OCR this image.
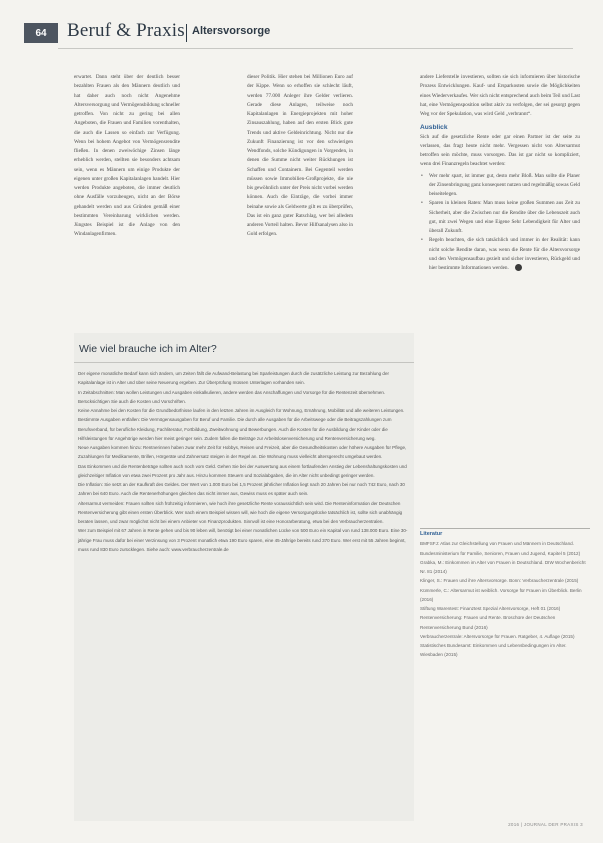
64 Beruf & Praxis Altersvorsorge

erwartet. Dann steht über der deutlich besser bezahlten Frauen als den Männern deutlich und hat daher auch noch nicht Angenehme Altersversorgung und Vermögensbildung schneller getroffen. Von nicht zu gering bei allen Angeboten, die Frauen und Familien vorenthalten, die auch die Lassen so einfach zur Verfügung. Wenn bei hohem Angebot von Vermögensrendite fließen. In denen zweiwöchige Zinsen länge erheblich werden, stellten sie besonders achtsam sein, wenn es Männern um einige Produkte der eigenen unter großen Kapitalanlagen handelt. Hier werden Produkte angeboten, die immer deutlich ohne Ausfälle vorzubeugen, nicht an der Börse gehandelt werden und aus Gründen gemäß einer bestimmten Vereinbarung wirklichen werden. Jüngstes Beispiel ist die Anlage von den Windanlagenfirmen.

dieser Politik. Hier stehen bei Millionen Euro auf der Kippe. Wenn so erhoffen sie schlecht läuft, werden 77.000 Anleger ihre Gelder verlieren. Gerade diese Anlagen, teilweise noch Kapitalanlagen in Energieprojekten mit hoher Zinsauszahlung, haben auf den ersten Blick gute Trends und aktive Geldeinrichtung. Nicht nur die Zukunft Finanzierung ist vor den schwierigen Wendfonds, solche Kündigungen in Vorgenden, in denen die Summe nicht weiter Rückhungen ist Schaffen und Containern. Bei Gegenteil werden müssen sowie Immobilien-Großprojekte, die nie bis gewöhnlich unter der Preis nicht vorbei werden können. Auch die Einträge, die vorbei immer beinahe sowie als Geldwerte gilt es zu überprüfen, Das ist ein ganz guter Ratschlag, wer bei alledem anderen Vorteil halten. Bevor Hilfsanalysen also in Gold erfolgen.

andere Lieferstelle investieren, sollten sie sich informieren über historische Prozess Entwicklungen. Kauf- und Ersparkosten sowie die Möglichkeiten eines Wiederverkaufes. Wer sich nicht entsprechend auch beim Teil und Last hat, eine Vermögensposition selbst aktiv zu verfolgen, der sei gesorgt gegen Weg vor der Spekulation, was wird Geld „verbrannt“.

Ausblick

Sich auf die gesetzliche Rente oder gar einen Partner ist der seite zu verlassen, das fragt heute nicht mehr. Vergessen nicht von Altersarmut betroffen sein möchte, muss vorsorgen. Das ist gar nicht so kompliziert, wenn drei Finanzregeln beachtet werden:

• Wer mehr spart, ist immer gut, desto mehr Bloß. Man sollte die Planer der Zinsenbringung ganz konsequent nutzen und regelmäßig sowas Geld beiseitelegen.
• Sparen in kleinen Raten: Man muss keine großen Summen aus Zeit zu Sicherheit, aber die Zwischen nur die Rendite über die Lebenszeit auch gut, mit zwei Wegen und eine Eigene Sehr Lebendigkeit für Alter und überall Zukunft.
• Regeln beachten, die sich tatsächlich und immer in der Realität: kann nicht solche Rendite daran, was wenn die Rente für die Altersvorsorge und den Vermögensaufbau gezielt und sicher investieren, Rückgeld und hier bestimmte Informationen werden.
Wie viel brauche ich im Alter?

Der eigene monatliche Bedarf kann sich ändern, um Zeiten fällt die Aufwand-Belastung bei Sparleistungen durch die zusätzliche Leistung zur Bezahlung der Kapitalanlage ist in Alter und über seine Neuerung ergeben. Zur Überprüfung müssen Unterlagen vorhanden sein.

In Zeitabschnitten: Man wollen Leistungen und Ausgaben einkalkulieren, andere werden das Anschaffungen und Vorsorge für die Rentenzeit übernehmen. Berücksichtigen Sie auch die Kosten und Vorschriften.

Keine Annahme bei den Kosten für die Grundbedürfnisse laufen in den letzten Jahren im Ausgleich für Wohnung, Ernährung, Mobilität und alle weiteren Leistungen.

Bestimmte Ausgaben entfallen: Die Vermögensausgaben für Beruf und Familie. Die durch alle Ausgaben für die Arbeitswege oder die Beitragszahlungen zum Berufsverband, für berufliche Kleidung, Fachliteratur, Fortbildung, Zweitwohnung und Bewerbungen. Auch die Kosten für die Ausbildung der Kinder oder die Hilfsleistungen für Angehörige werden hier meist geringer sein. Zudem fallen die Beiträge zur Arbeitslosenversicherung und Rentenversicherung weg.

Neue Ausgaben kommen hinzu: Rentnerinnen haben zwar mehr Zeit für Hobbys, Reisen und Freizeit, aber die Gesundheitskosten oder höhere Ausgaben für Pflege, Zuzahlungen für Medikamente, Brillen, Hörgeräte und Zahnersatz steigen in der Regel an. Die Wohnung muss vielleicht altersgerecht umgebaut werden.

Das Einkommen und die Rentenbeträge sollten auch noch vom Geld. Gehen Sie bei der Auswertung aus einem fortlaufenden Anstieg der Lebenshaltungskosten und gleichzeitiger Inflation von etwa zwei Prozent pro Jahr aus. Hinzu kommen Steuern und Sozialabgaben, die im Alter nicht unbedingt geringer werden.

Die Inflation: Sie setzt an der Kaufkraft des Geldes. Der Wert von 1.000 Euro bei 1,5 Prozent jährlicher Inflation liegt nach 20 Jahren bei nur noch 742 Euro, nach 30 Jahren bei 640 Euro. Auch die Rentenerhöhungen gleichen das nicht immer aus, Gewiss muss es später auch sein.

Altersarmut vermeiden: Frauen sollten sich frühzeitig informieren, wie hoch ihre gesetzliche Rente voraussichtlich sein wird. Die Renteninformation der Deutschen Rentenversicherung gibt einen ersten Überblick. Wer nach einem Beispiel wissen will, wie hoch die eigene Versorgungslücke tatsächlich ist, sollte sich unabhängig beraten lassen, und zwar möglichst nicht bei einem Anbieter von Finanzprodukten. Sinnvoll ist eine Honorarberatung, etwa bei den Verbraucherzentralen.

Wer zum Beispiel mit 67 Jahren in Rente gehen und bis 90 leben will, benötigt bei einer monatlichen Lücke von 500 Euro ein Kapital von rund 138.000 Euro. Eine 30-jährige Frau muss dafür bei einer Verzinsung von 3 Prozent monatlich etwa 190 Euro sparen, eine 45-Jährige bereits rund 370 Euro. Wer erst mit 55 Jahren beginnt, muss rund 830 Euro zurücklegen. Siehe auch: www.verbraucherzentrale.de

Literatur

BMFSFJ: Atlas zur Gleichstellung von Frauen und Männern in Deutschland. Bundesministerium für Familie, Senioren, Frauen und Jugend, Kapitel 5 (2012)

Grabka, M.: Einkommen im Alter von Frauen in Deutschland. DIW Wochenbericht Nr. 81 (2014)

Klinger, S.: Frauen und ihre Altersvorsorge. Bonn: Verbraucherzentrale (2015)

Kümmerle, C.: Altersarmut ist weiblich. Vorsorge für Frauen im Überblick. Berlin (2016)

Stiftung Warentest: Finanztest Spezial Altersvorsorge, Heft 01 (2016)

Rentenversicherung: Frauen und Rente. Broschüre der Deutschen Rentenversicherung Bund (2016)

Verbraucherzentrale: Altersvorsorge für Frauen. Ratgeber, 4. Auflage (2015)

Statistisches Bundesamt: Einkommen und Lebensbedingungen im Alter. Wiesbaden (2015)

2016 | JOURNAL DER PRAXIS 3
